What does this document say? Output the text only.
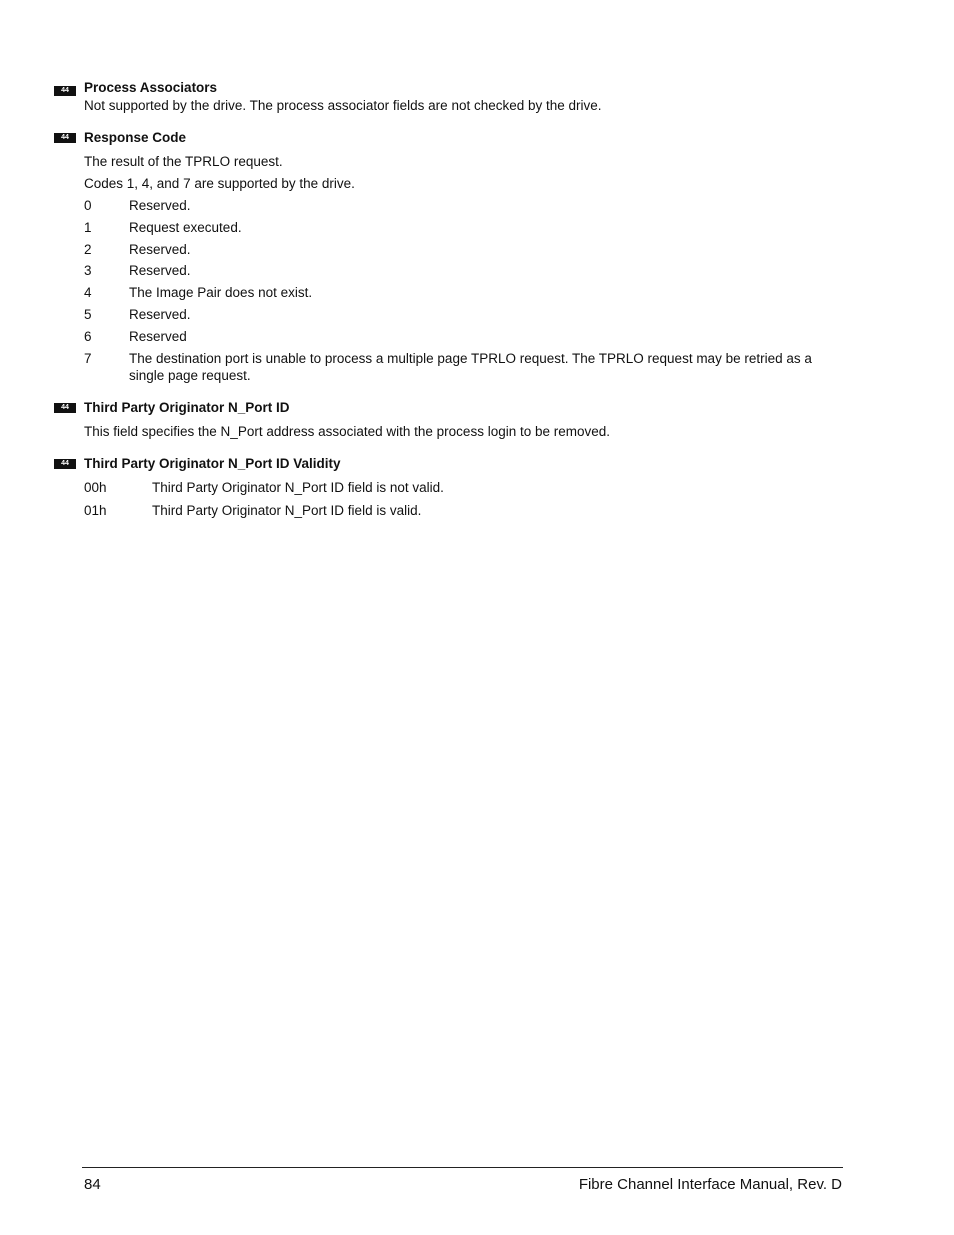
44	Process Associators
Not supported by the drive. The process associator fields are not checked by the drive.
44	Response Code
The result of the TPRLO request.
Codes 1, 4, and 7 are supported by the drive.
0	Reserved.
1	Request executed.
2	Reserved.
3	Reserved.
4	The Image Pair does not exist.
5	Reserved.
6	Reserved
7	The destination port is unable to process a multiple page TPRLO request. The TPRLO request may be retried as a single page request.
44	Third Party Originator N_Port ID
This field specifies the N_Port address associated with the process login to be removed.
44	Third Party Originator N_Port ID Validity
00h	Third Party Originator N_Port ID field is not valid.
01h	Third Party Originator N_Port ID field is valid.
84	Fibre Channel Interface Manual, Rev. D
